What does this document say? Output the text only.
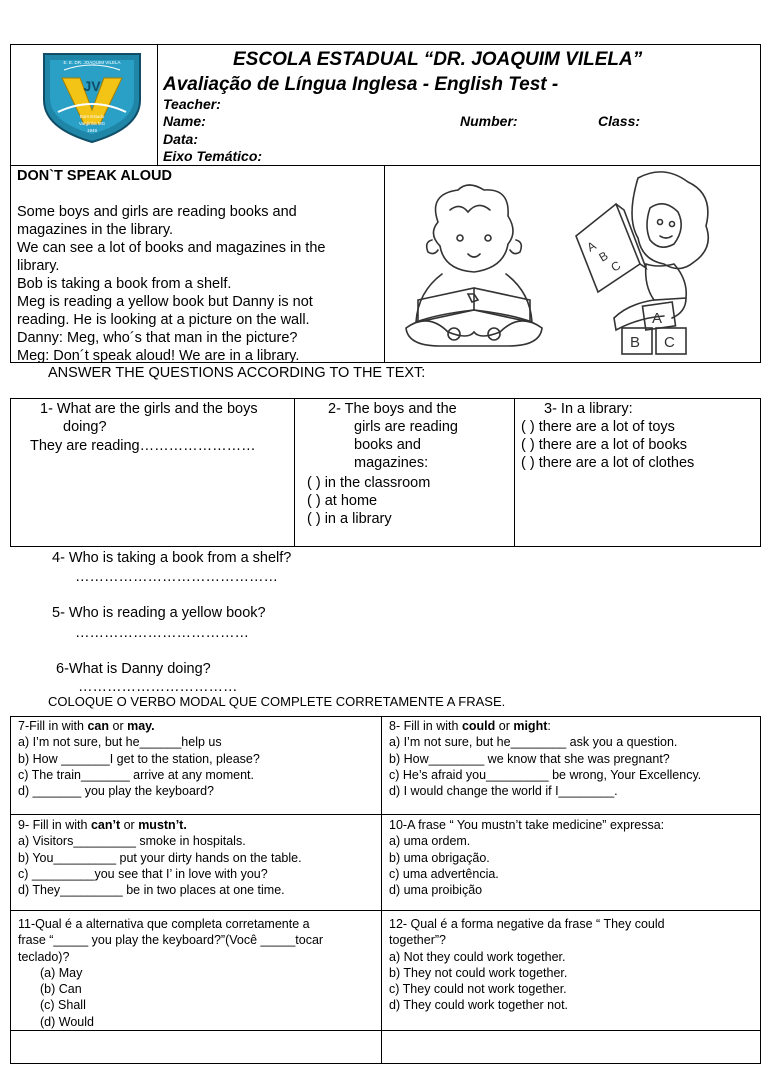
E. E. DR. JOAQUIM VILELA
JV
Bom Estudo
Varginha MG
1948
ESCOLA ESTADUAL “DR. JOAQUIM VILELA”
Avaliação de Língua Inglesa - English Test -
Teacher:
Name:	Number:	Class:
Data:
Eixo Temático:
DON`T SPEAK ALOUD
Some boys and girls are reading books and
magazines in the library.
We can see a lot of books and magazines in the
library.
Bob is taking a book from a shelf.
Meg is reading a yellow book but Danny is not
reading. He is looking at a picture on the wall.
Danny: Meg, who´s that man in the picture?
Meg: Don´t speak aloud! We are in a library.
A
B
C
A
B C
ANSWER THE QUESTIONS ACCORDING TO THE TEXT:
1- What are the girls and the boys
doing?
They are reading……………………
2- The boys and the
girls are reading
books and
magazines:
( ) in the classroom
( ) at home
( ) in a library
3- In a library:
( ) there are a lot of toys
( ) there are a lot of books
( ) there are a lot of clothes
4- Who is taking a book from a shelf?
……………………………………
5- Who is reading a yellow book?
………………………………
6-What is Danny doing?
……………………………
COLOQUE O VERBO MODAL QUE COMPLETE CORRETAMENTE A FRASE.
7-Fill in with can or may.
a) I’m not sure, but he______help us
b) How _______I get to the station, please?
c) The train_______ arrive at any moment.
d) _______ you play the keyboard?
8- Fill in with could or might:
a) I’m not sure, but he________ ask you a question.
b) How________ we know that she was pregnant?
c) He’s afraid you_________ be wrong, Your Excellency.
d) I would change the world if I________.
9- Fill in with can’t or mustn’t.
a) Visitors_________ smoke in hospitals.
b) You_________ put your dirty hands on the table.
c) _________you see that I’ in love with you?
d) They_________ be in two places at one time.
10-A frase “ You mustn’t take medicine” expressa:
a) uma ordem.
b) uma obrigação.
c) uma advertência.
d) uma proibição
11-Qual é a alternativa que completa corretamente a
frase “_____ you play the keyboard?”(Você _____tocar
teclado)?
(a) May
(b) Can
(c) Shall
(d) Would
12- Qual é a forma negative da frase “ They could
together”?
a) Not they could work together.
b) They not could work together.
c) They could not work together.
d) They could work together not.
